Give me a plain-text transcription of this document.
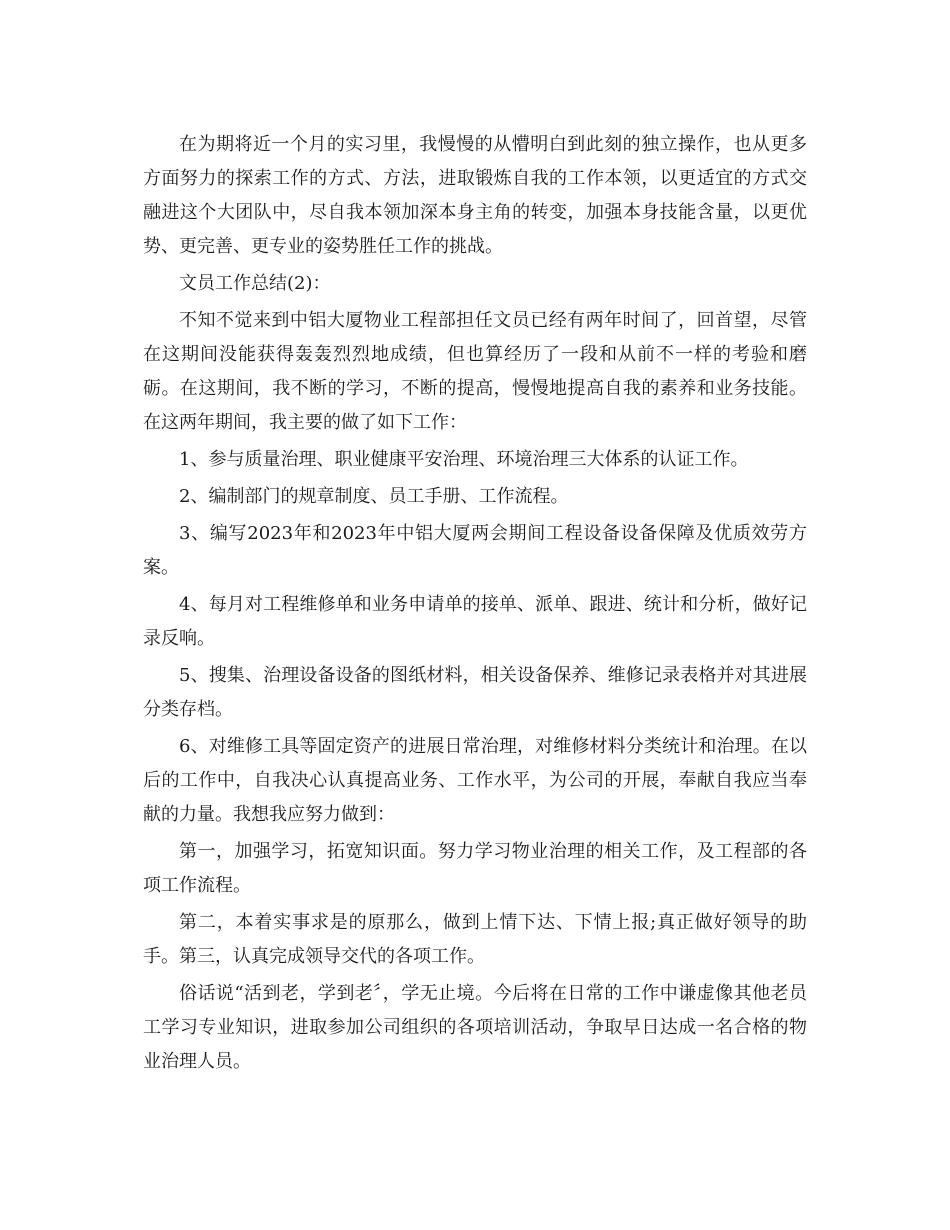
在为期将近一个月的实习里，我慢慢的从懵明白到此刻的独立操作，也从更多方面努力的探索工作的方式、方法，进取锻炼自我的工作本领，以更适宜的方式交融进这个大团队中，尽自我本领加深本身主角的转变，加强本身技能含量，以更优势、更完善、更专业的姿势胜任工作的挑战。

文员工作总结(2)：

不知不觉来到中铝大厦物业工程部担任文员已经有两年时间了，回首望，尽管在这期间没能获得轰轰烈烈地成绩，但也算经历了一段和从前不一样的考验和磨砺。在这期间，我不断的学习，不断的提高，慢慢地提高自我的素养和业务技能。在这两年期间，我主要的做了如下工作：

1、参与质量治理、职业健康平安治理、环境治理三大体系的认证工作。

2、编制部门的规章制度、员工手册、工作流程。

3、编写2023年和2023年中铝大厦两会期间工程设备设备保障及优质效劳方案。

4、每月对工程维修单和业务申请单的接单、派单、跟进、统计和分析，做好记录反响。

5、搜集、治理设备设备的图纸材料，相关设备保养、维修记录表格并对其进展分类存档。

6、对维修工具等固定资产的进展日常治理，对维修材料分类统计和治理。在以后的工作中，自我决心认真提高业务、工作水平，为公司的开展，奉献自我应当奉献的力量。我想我应努力做到：

第一，加强学习，拓宽知识面。努力学习物业治理的相关工作，及工程部的各项工作流程。

第二，本着实事求是的原那么，做到上情下达、下情上报;真正做好领导的助手。第三，认真完成领导交代的各项工作。

俗话说“活到老，学到老〞，学无止境。今后将在日常的工作中谦虚像其他老员工学习专业知识，进取参加公司组织的各项培训活动，争取早日达成一名合格的物业治理人员。
